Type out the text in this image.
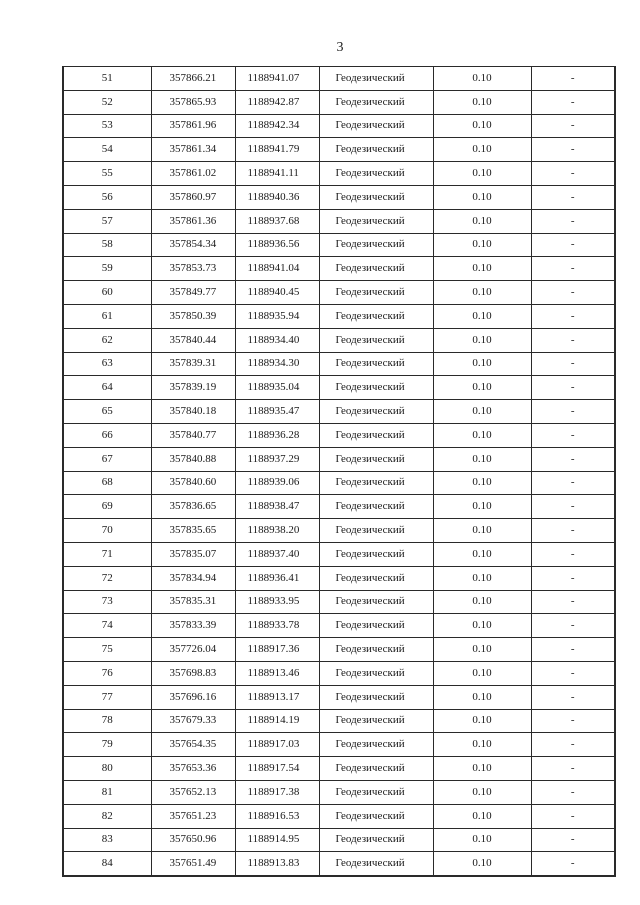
3
51	357866.21	1188941.07	Геодезический	0.10	-
52	357865.93	1188942.87	Геодезический	0.10	-
53	357861.96	1188942.34	Геодезический	0.10	-
54	357861.34	1188941.79	Геодезический	0.10	-
55	357861.02	1188941.11	Геодезический	0.10	-
56	357860.97	1188940.36	Геодезический	0.10	-
57	357861.36	1188937.68	Геодезический	0.10	-
58	357854.34	1188936.56	Геодезический	0.10	-
59	357853.73	1188941.04	Геодезический	0.10	-
60	357849.77	1188940.45	Геодезический	0.10	-
61	357850.39	1188935.94	Геодезический	0.10	-
62	357840.44	1188934.40	Геодезический	0.10	-
63	357839.31	1188934.30	Геодезический	0.10	-
64	357839.19	1188935.04	Геодезический	0.10	-
65	357840.18	1188935.47	Геодезический	0.10	-
66	357840.77	1188936.28	Геодезический	0.10	-
67	357840.88	1188937.29	Геодезический	0.10	-
68	357840.60	1188939.06	Геодезический	0.10	-
69	357836.65	1188938.47	Геодезический	0.10	-
70	357835.65	1188938.20	Геодезический	0.10	-
71	357835.07	1188937.40	Геодезический	0.10	-
72	357834.94	1188936.41	Геодезический	0.10	-
73	357835.31	1188933.95	Геодезический	0.10	-
74	357833.39	1188933.78	Геодезический	0.10	-
75	357726.04	1188917.36	Геодезический	0.10	-
76	357698.83	1188913.46	Геодезический	0.10	-
77	357696.16	1188913.17	Геодезический	0.10	-
78	357679.33	1188914.19	Геодезический	0.10	-
79	357654.35	1188917.03	Геодезический	0.10	-
80	357653.36	1188917.54	Геодезический	0.10	-
81	357652.13	1188917.38	Геодезический	0.10	-
82	357651.23	1188916.53	Геодезический	0.10	-
83	357650.96	1188914.95	Геодезический	0.10	-
84	357651.49	1188913.83	Геодезический	0.10	-
